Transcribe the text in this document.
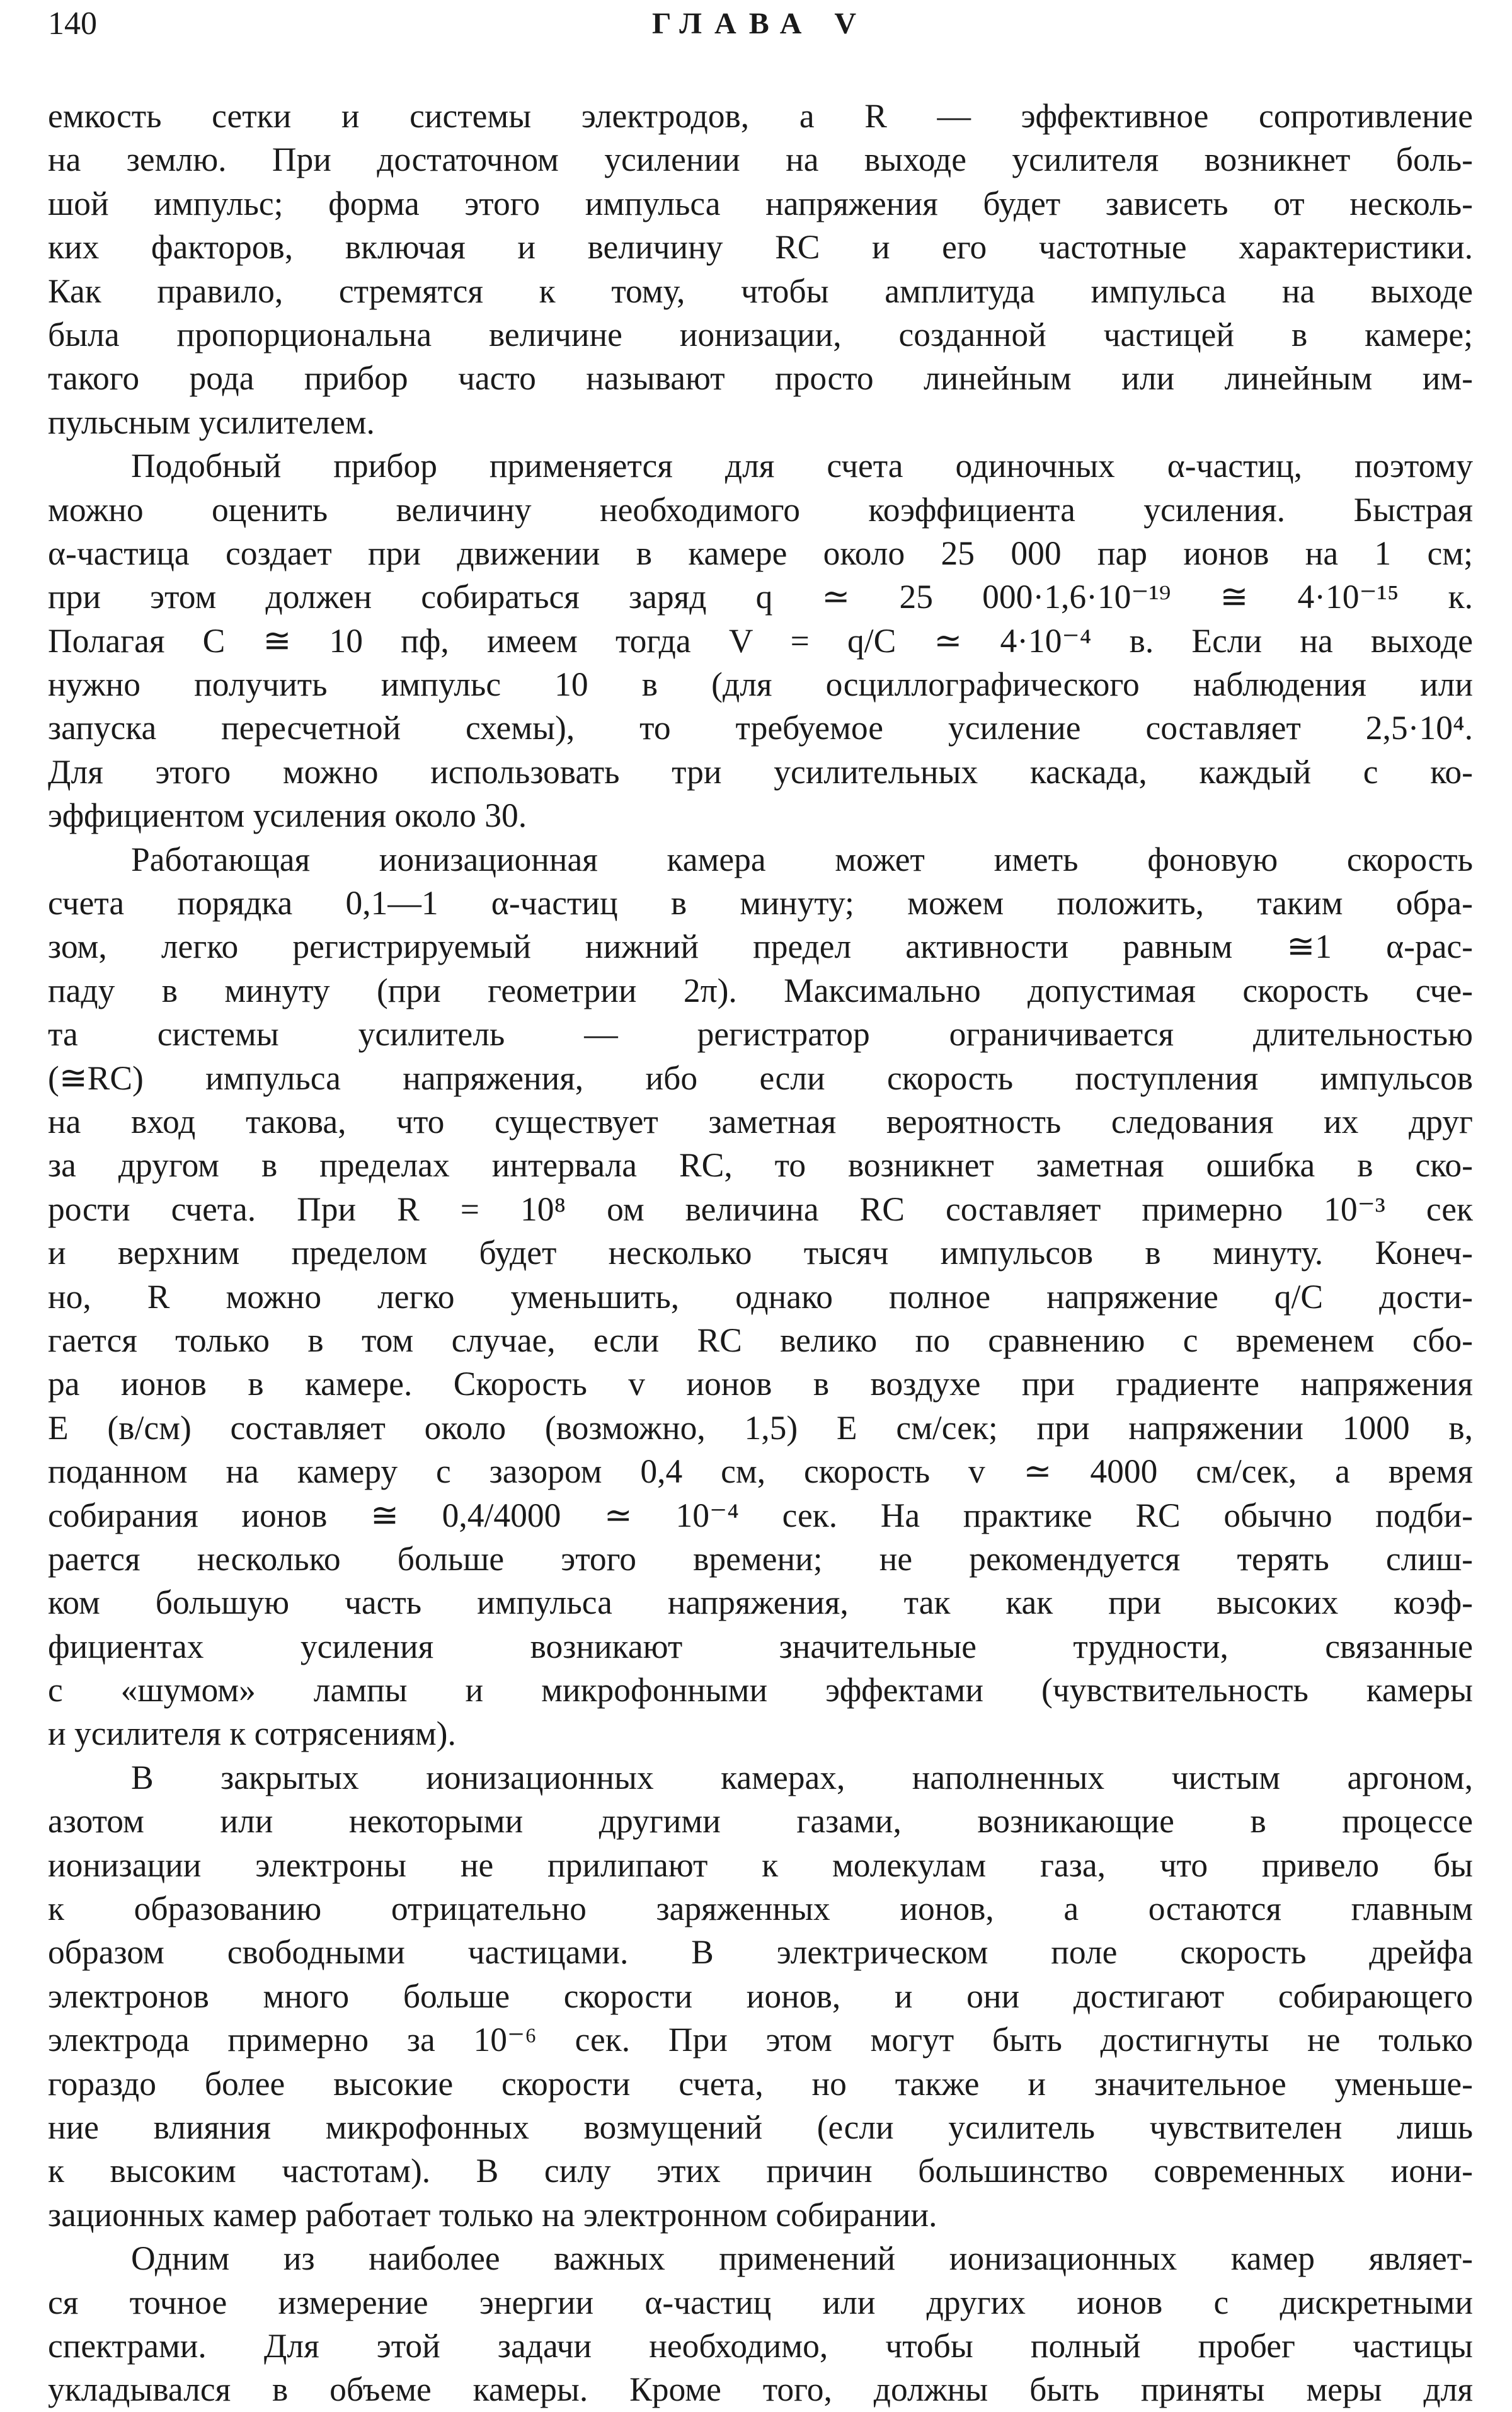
140	ГЛАВА V
емкость сетки и системы электродов, а R — эффективное сопротивление
на землю. При достаточном усилении на выходе усилителя возникнет боль-
шой импульс; форма этого импульса напряжения будет зависеть от несколь-
ких факторов, включая и величину RC и его частотные характеристики.
Как правило, стремятся к тому, чтобы амплитуда импульса на выходе
была пропорциональна величине ионизации, созданной частицей в камере;
такого рода прибор часто называют просто линейным или линейным им-
пульсным усилителем.
Подобный прибор применяется для счета одиночных α-частиц, поэтому
можно оценить величину необходимого коэффициента усиления. Быстрая
α-частица создает при движении в камере около 25 000 пар ионов на 1 см;
при этом должен собираться заряд q ≃ 25 000·1,6·10⁻¹⁹ ≅ 4·10⁻¹⁵ к.
Полагая C ≅ 10 пф, имеем тогда V = q/C ≃ 4·10⁻⁴ в. Если на выходе
нужно получить импульс 10 в (для осциллографического наблюдения или
запуска пересчетной схемы), то требуемое усиление составляет 2,5·10⁴.
Для этого можно использовать три усилительных каскада, каждый с ко-
эффициентом усиления около 30.
Работающая ионизационная камера может иметь фоновую скорость
счета порядка 0,1—1 α-частиц в минуту; можем положить, таким обра-
зом, легко регистрируемый нижний предел активности равным ≅1 α-рас-
паду в минуту (при геометрии 2π). Максимально допустимая скорость сче-
та системы усилитель — регистратор ограничивается длительностью
(≅RC) импульса напряжения, ибо если скорость поступления импульсов
на вход такова, что существует заметная вероятность следования их друг
за другом в пределах интервала RC, то возникнет заметная ошибка в ско-
рости счета. При R = 10⁸ ом величина RC составляет примерно 10⁻³ сек
и верхним пределом будет несколько тысяч импульсов в минуту. Конеч-
но, R можно легко уменьшить, однако полное напряжение q/C дости-
гается только в том случае, если RC велико по сравнению с временем сбо-
ра ионов в камере. Скорость v ионов в воздухе при градиенте напряжения
E (в/см) составляет около (возможно, 1,5) E см/сек; при напряжении 1000 в,
поданном на камеру с зазором 0,4 см, скорость v ≃ 4000 см/сек, а время
собирания ионов ≅ 0,4/4000 ≃ 10⁻⁴ сек. На практике RC обычно подби-
рается несколько больше этого времени; не рекомендуется терять слиш-
ком большую часть импульса напряжения, так как при высоких коэф-
фициентах усиления возникают значительные трудности, связанные
с «шумом» лампы и микрофонными эффектами (чувствительность камеры
и усилителя к сотрясениям).
В закрытых ионизационных камерах, наполненных чистым аргоном,
азотом или некоторыми другими газами, возникающие в процессе
ионизации электроны не прилипают к молекулам газа, что привело бы
к образованию отрицательно заряженных ионов, а остаются главным
образом свободными частицами. В электрическом поле скорость дрейфа
электронов много больше скорости ионов, и они достигают собирающего
электрода примерно за 10⁻⁶ сек. При этом могут быть достигнуты не только
гораздо более высокие скорости счета, но также и значительное уменьше-
ние влияния микрофонных возмущений (если усилитель чувствителен лишь
к высоким частотам). В силу этих причин большинство современных иони-
зационных камер работает только на электронном собирании.
Одним из наиболее важных применений ионизационных камер являет-
ся точное измерение энергии α-частиц или других ионов с дискретными
спектрами. Для этой задачи необходимо, чтобы полный пробег частицы
укладывался в объеме камеры. Кроме того, должны быть приняты меры для
